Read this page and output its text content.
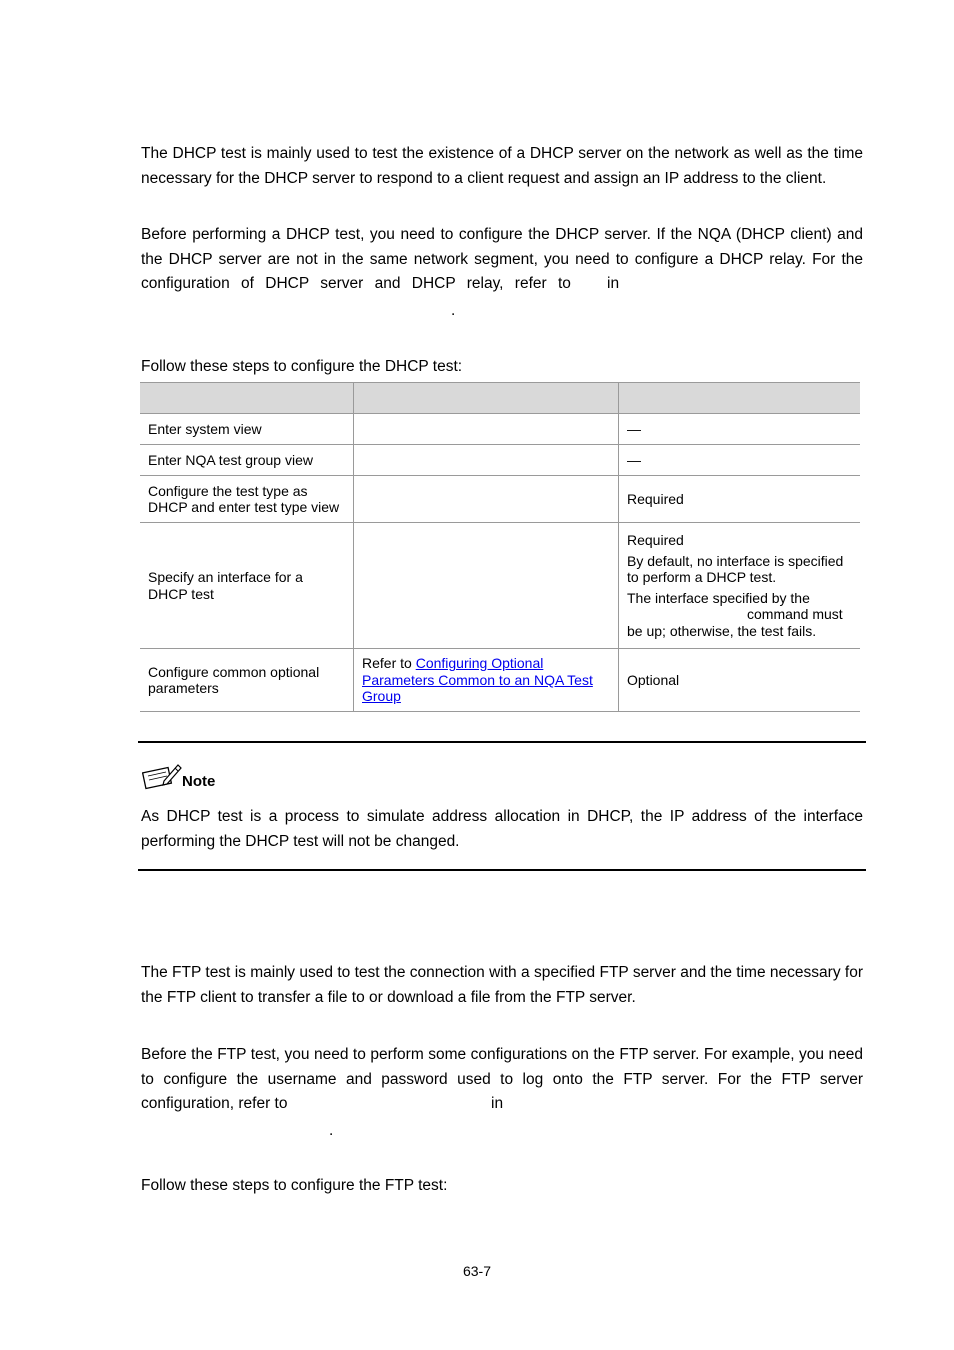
The DHCP test is mainly used to test the existence of a DHCP server on the network as well as the time necessary for the DHCP server to respond to a client request and assign an IP address to the client.

Before performing a DHCP test, you need to configure the DHCP server. If the NQA (DHCP client) and the DHCP server are not in the same network segment, you need to configure a DHCP relay. For the

configuration of DHCP server and DHCP relay, refer to in
.
Follow these steps to configure the DHCP test:

Enter system view		—
Enter NQA test group view		—
Configure the test type as DHCP and enter test type view		Required
Specify an interface for a DHCP test		Required

By default, no interface is specified to perform a DHCP test.

The interface specified by the
command must be up; otherwise, the test fails.

Configure common optional parameters	Refer to Configuring Optional Parameters Common to an NQA Test Group	Optional
Note

As DHCP test is a process to simulate address allocation in DHCP, the IP address of the interface performing the DHCP test will not be changed.

The FTP test is mainly used to test the connection with a specified FTP server and the time necessary for the FTP client to transfer a file to or download a file from the FTP server.

Before the FTP test, you need to perform some configurations on the FTP server. For example, you need to configure the username and password used to log onto the FTP server. For the FTP server

configuration, refer to	in
.
Follow these steps to configure the FTP test:
63-7
